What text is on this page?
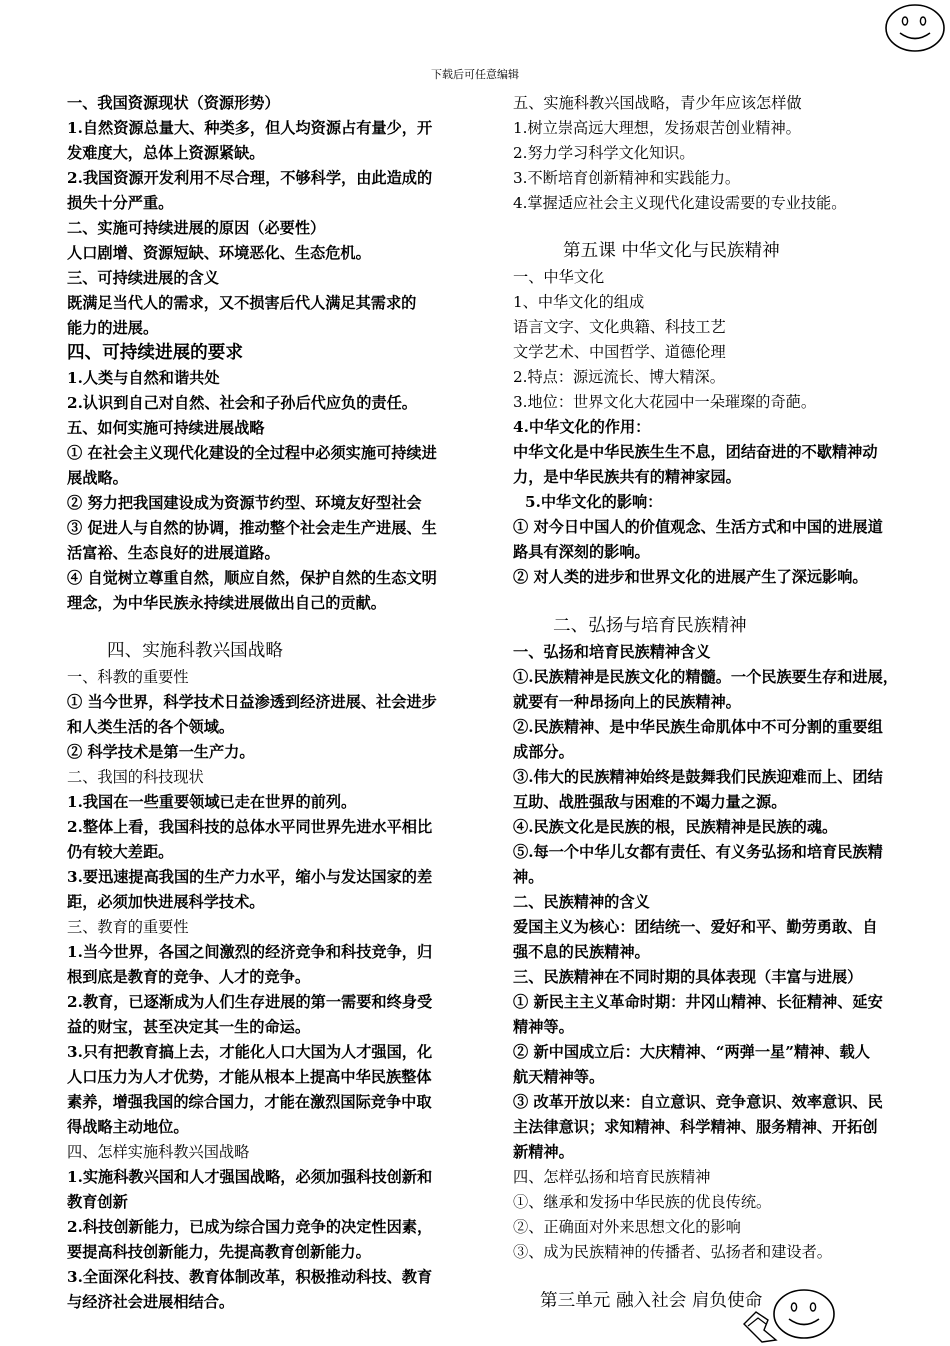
下载后可任意编辑
一、我国资源现状（资源形势）
1.自然资源总量大、种类多，但人均资源占有量少，开
发难度大，总体上资源紧缺。
2.我国资源开发利用不尽合理，不够科学，由此造成的
损失十分严重。
二、实施可持续进展的原因（必要性）
人口剧增、资源短缺、环境恶化、生态危机。
三、可持续进展的含义
既满足当代人的需求，又不损害后代人满足其需求的
能力的进展。
四、可持续进展的要求
1.人类与自然和谐共处
2.认识到自己对自然、社会和子孙后代应负的责任。
五、如何实施可持续进展战略
① 在社会主义现代化建设的全过程中必须实施可持续进
展战略。
② 努力把我国建设成为资源节约型、环境友好型社会
③ 促进人与自然的协调，推动整个社会走生产进展、生
活富裕、生态良好的进展道路。
④ 自觉树立尊重自然，顺应自然，保护自然的生态文明
理念，为中华民族永持续进展做出自己的贡献。
四、实施科教兴国战略
一、科教的重要性
① 当今世界，科学技术日益渗透到经济进展、社会进步
和人类生活的各个领域。
② 科学技术是第一生产力。
二、我国的科技现状
1.我国在一些重要领域已走在世界的前列。
2.整体上看，我国科技的总体水平同世界先进水平相比
仍有较大差距。
3.要迅速提高我国的生产力水平，缩小与发达国家的差
距，必须加快进展科学技术。
三、教育的重要性
1.当今世界，各国之间激烈的经济竞争和科技竞争，归
根到底是教育的竞争、人才的竞争。
2.教育，已逐渐成为人们生存进展的第一需要和终身受
益的财宝，甚至决定其一生的命运。
3.只有把教育搞上去，才能化人口大国为人才强国，化
人口压力为人才优势，才能从根本上提高中华民族整体
素养，增强我国的综合国力，才能在激烈国际竞争中取
得战略主动地位。
四、怎样实施科教兴国战略
1.实施科教兴国和人才强国战略，必须加强科技创新和
教育创新
2.科技创新能力，已成为综合国力竞争的决定性因素，
要提高科技创新能力，先提高教育创新能力。
3.全面深化科技、教育体制改革，积极推动科技、教育
与经济社会进展相结合。
五、实施科教兴国战略，青少年应该怎样做
1.树立崇高远大理想，发扬艰苦创业精神。
2.努力学习科学文化知识。
3.不断培育创新精神和实践能力。
4.掌握适应社会主义现代化建设需要的专业技能。
第五课 中华文化与民族精神
一、中华文化
1、中华文化的组成
语言文字、文化典籍、科技工艺
文学艺术、中国哲学、道德伦理
2.特点：源远流长、博大精深。
3.地位：世界文化大花园中一朵璀璨的奇葩。
4.中华文化的作用：
中华文化是中华民族生生不息，团结奋进的不歇精神动
力，是中华民族共有的精神家园。
5.中华文化的影响：
① 对今日中国人的价值观念、生活方式和中国的进展道
路具有深刻的影响。
② 对人类的进步和世界文化的进展产生了深远影响。
二、弘扬与培育民族精神
一、弘扬和培育民族精神含义
①.民族精神是民族文化的精髓。一个民族要生存和进展，
就要有一种昂扬向上的民族精神。
②.民族精神、是中华民族生命肌体中不可分割的重要组
成部分。
③.伟大的民族精神始终是鼓舞我们民族迎难而上、团结
互助、战胜强敌与困难的不竭力量之源。
④.民族文化是民族的根，民族精神是民族的魂。
⑤.每一个中华儿女都有责任、有义务弘扬和培育民族精
神。
二、民族精神的含义
爱国主义为核心：团结统一、爱好和平、勤劳勇敢、自
强不息的民族精神。
三、民族精神在不同时期的具体表现（丰富与进展）
① 新民主主义革命时期：井冈山精神、长征精神、延安
精神等。
② 新中国成立后：大庆精神、“两弹一星”精神、载人
航天精神等。
③ 改革开放以来：自立意识、竞争意识、效率意识、民
主法律意识；求知精神、科学精神、服务精神、开拓创
新精神。
四、怎样弘扬和培育民族精神
①、继承和发扬中华民族的优良传统。
②、正确面对外来思想文化的影响
③、成为民族精神的传播者、弘扬者和建设者。
第三单元 融入社会 肩负使命
